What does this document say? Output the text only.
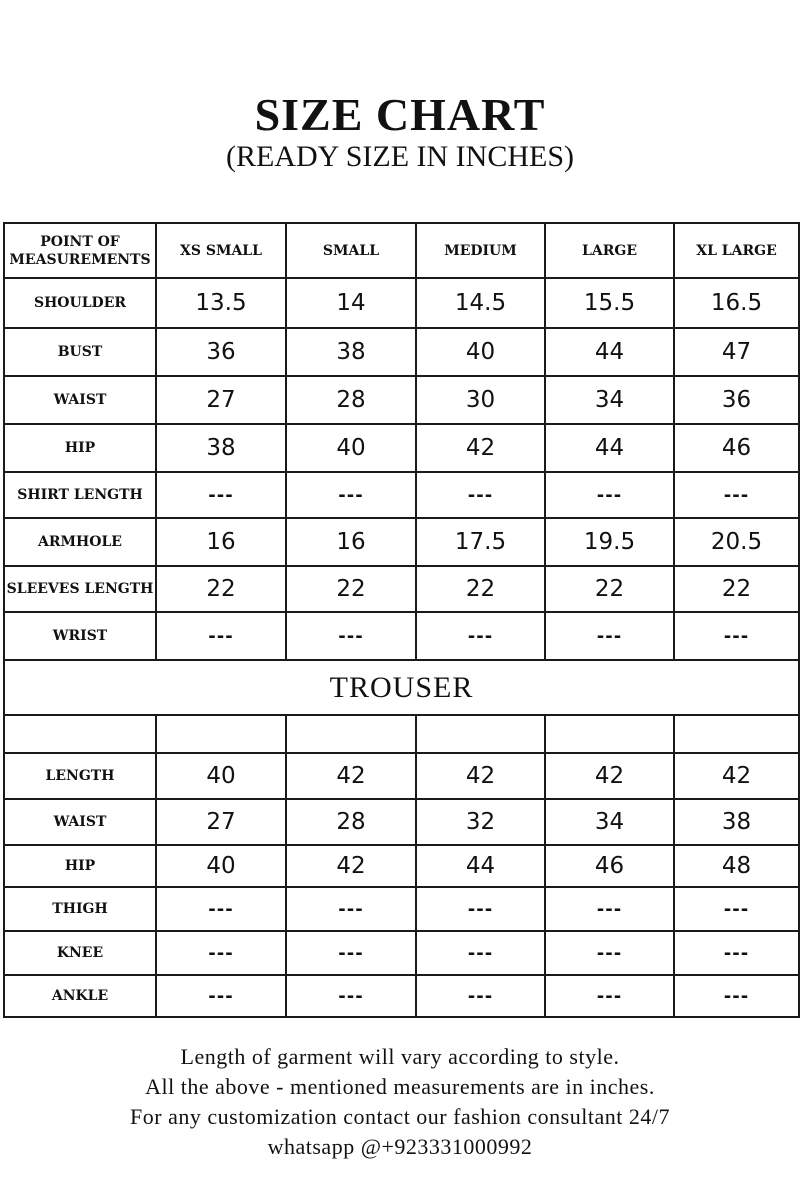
SIZE CHART
(READY SIZE IN INCHES)
POINT OF MEASUREMENTS	XS SMALL	SMALL	MEDIUM	LARGE	XL LARGE
SHOULDER	13.5	14	14.5	15.5	16.5
BUST	36	38	40	44	47
WAIST	27	28	30	34	36
HIP	38	40	42	44	46
SHIRT LENGTH	---	---	---	---	---
ARMHOLE	16	16	17.5	19.5	20.5
SLEEVES LENGTH	22	22	22	22	22
WRIST	---	---	---	---	---
TROUSER					

LENGTH	40	42	42	42	42
WAIST	27	28	32	34	38
HIP	40	42	44	46	48
THIGH	---	---	---	---	---
KNEE	---	---	---	---	---
ANKLE	---	---	---	---	---
Length of garment will vary according to style.
All the above - mentioned measurements are in inches.
For any customization contact our fashion consultant 24/7
whatsapp @+923331000992
